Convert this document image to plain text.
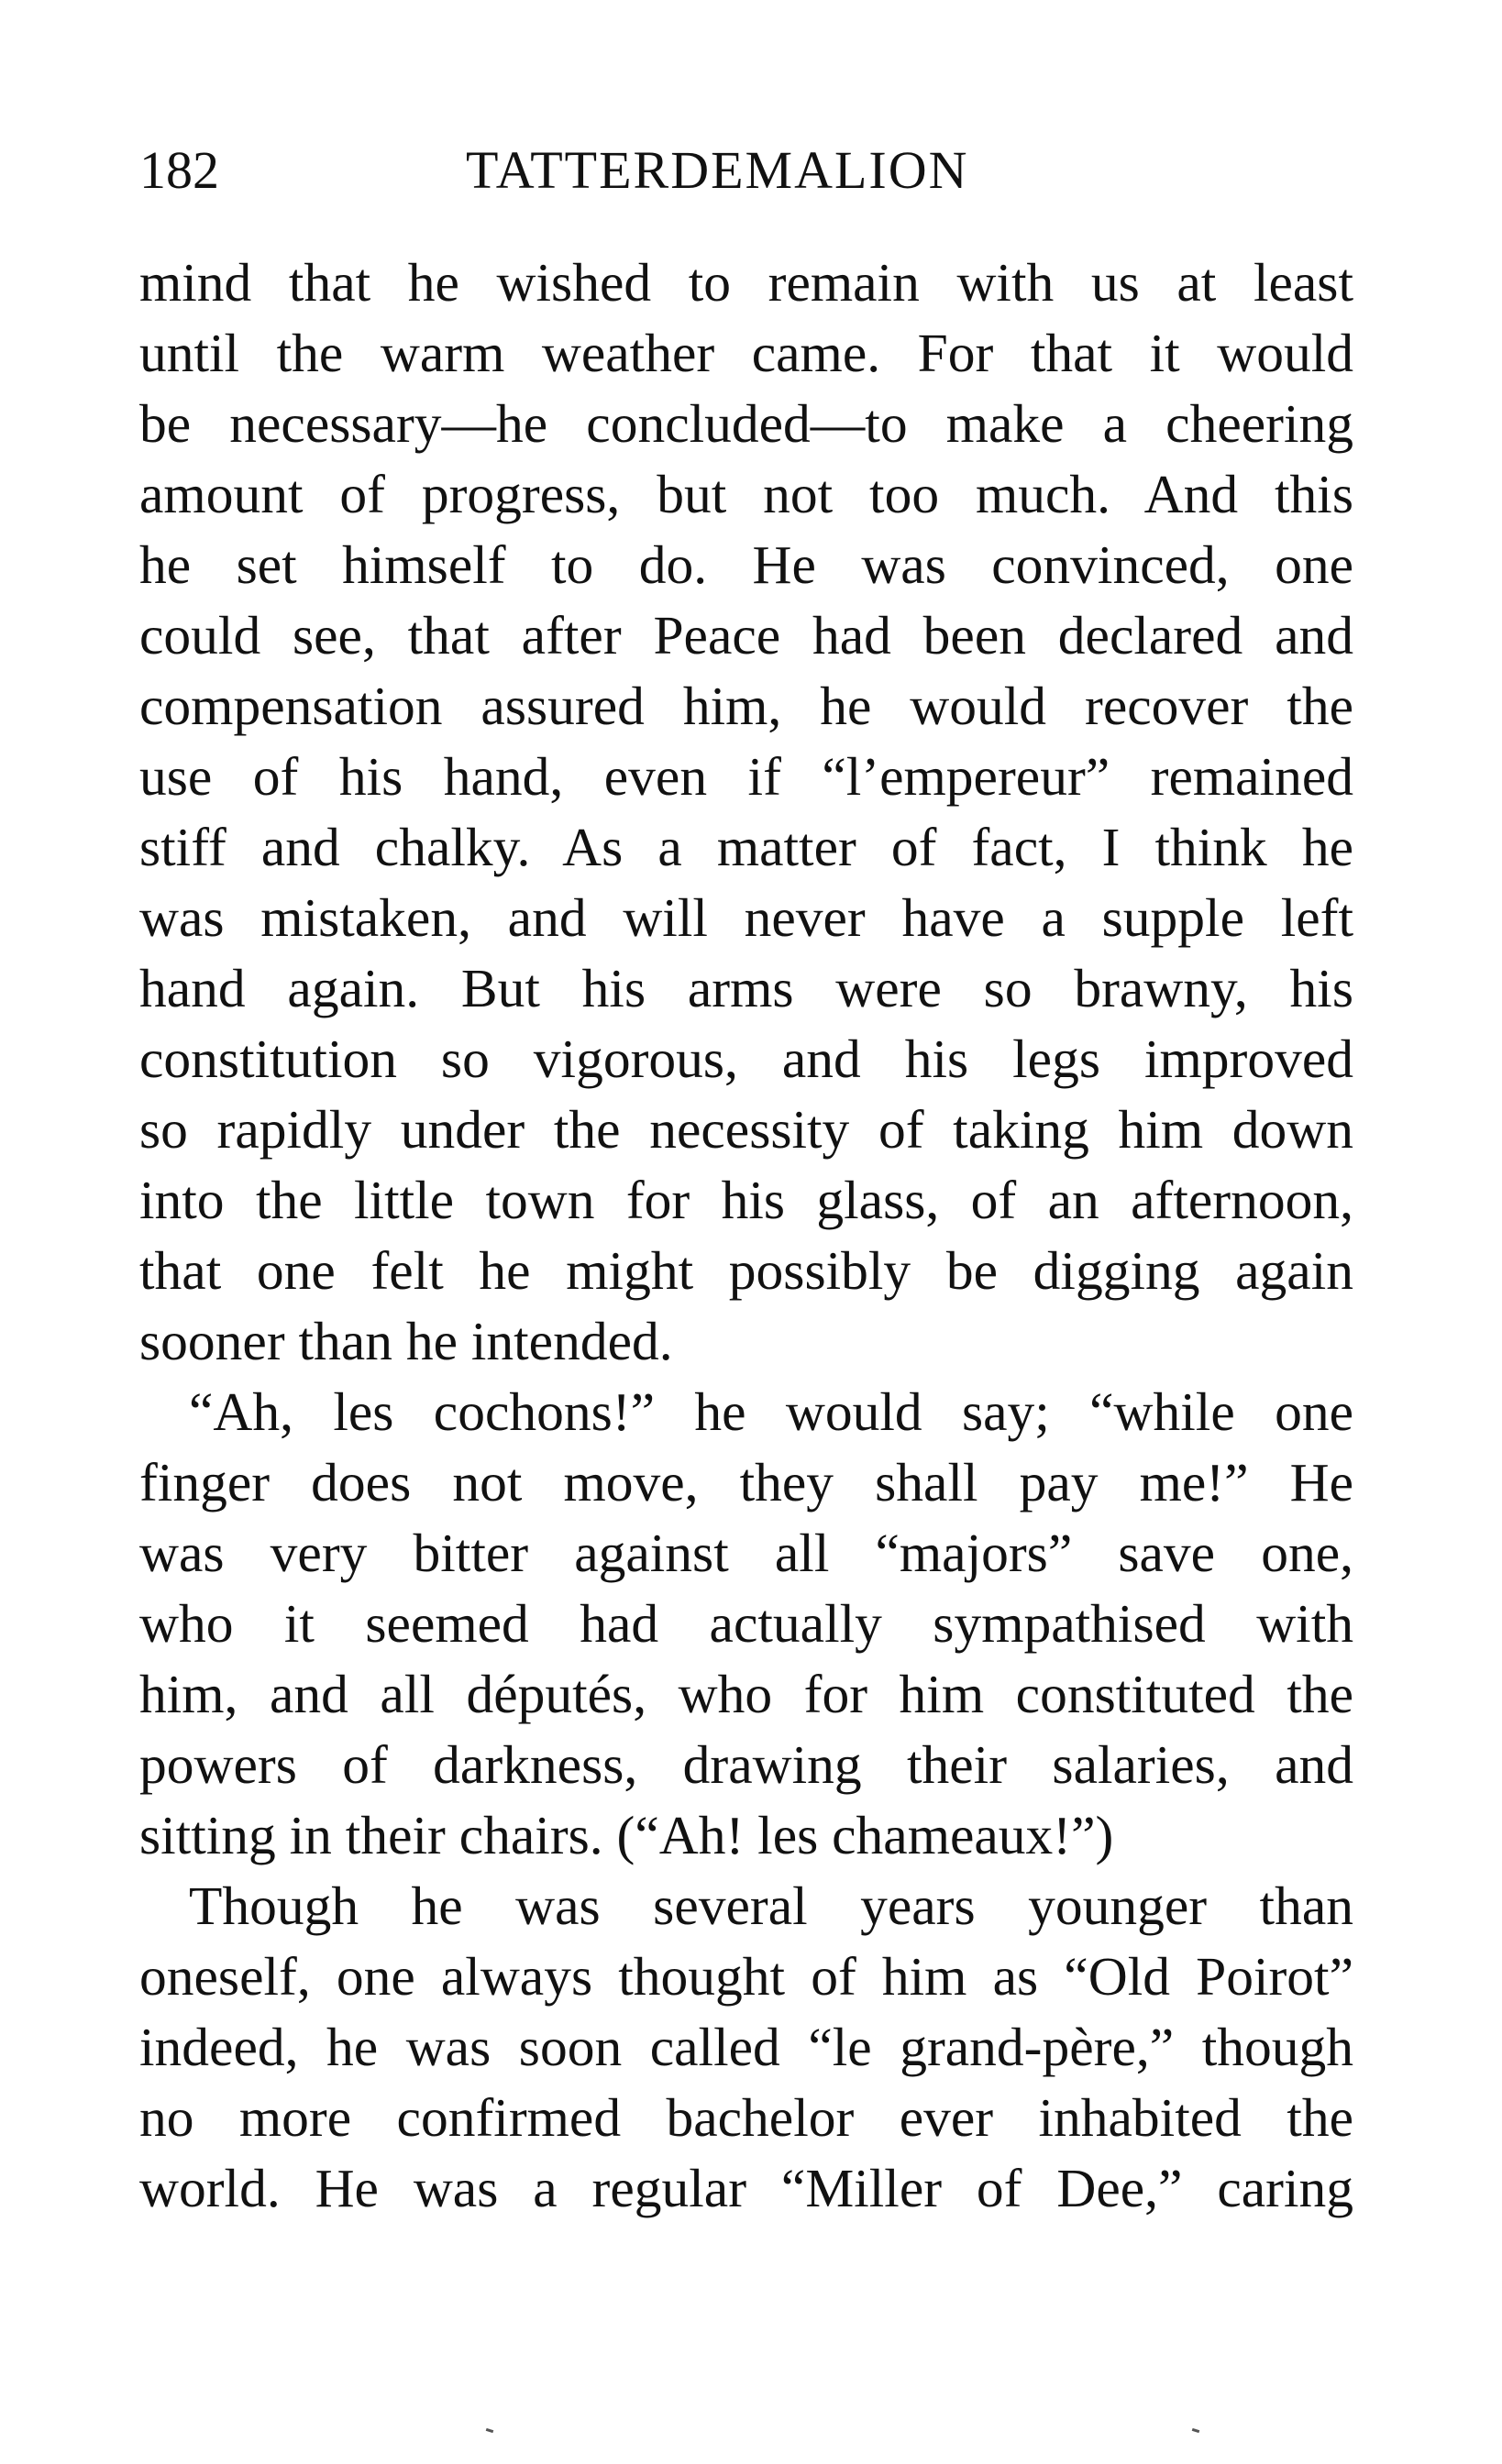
182	TATTERDEMALION
mind that he wished to remain with us at least
until the warm weather came. For that it would
be necessary—he concluded—to make a cheering
amount of progress, but not too much. And this
he set himself to do. He was convinced, one
could see, that after Peace had been declared and
compensation assured him, he would recover the
use of his hand, even if “l’empereur” remained
stiff and chalky. As a matter of fact, I think he
was mistaken, and will never have a supple left
hand again. But his arms were so brawny, his
constitution so vigorous, and his legs improved
so rapidly under the necessity of taking him down
into the little town for his glass, of an afternoon,
that one felt he might possibly be digging again
sooner than he intended.
“Ah, les cochons!” he would say; “while one
finger does not move, they shall pay me!” He
was very bitter against all “majors” save one,
who it seemed had actually sympathised with
him, and all députés, who for him constituted the
powers of darkness, drawing their salaries, and
sitting in their chairs. (“Ah! les chameaux!”)
Though he was several years younger than
oneself, one always thought of him as “Old Poirot”
indeed, he was soon called “le grand-père,” though
no more confirmed bachelor ever inhabited the
world. He was a regular “Miller of Dee,” caring
